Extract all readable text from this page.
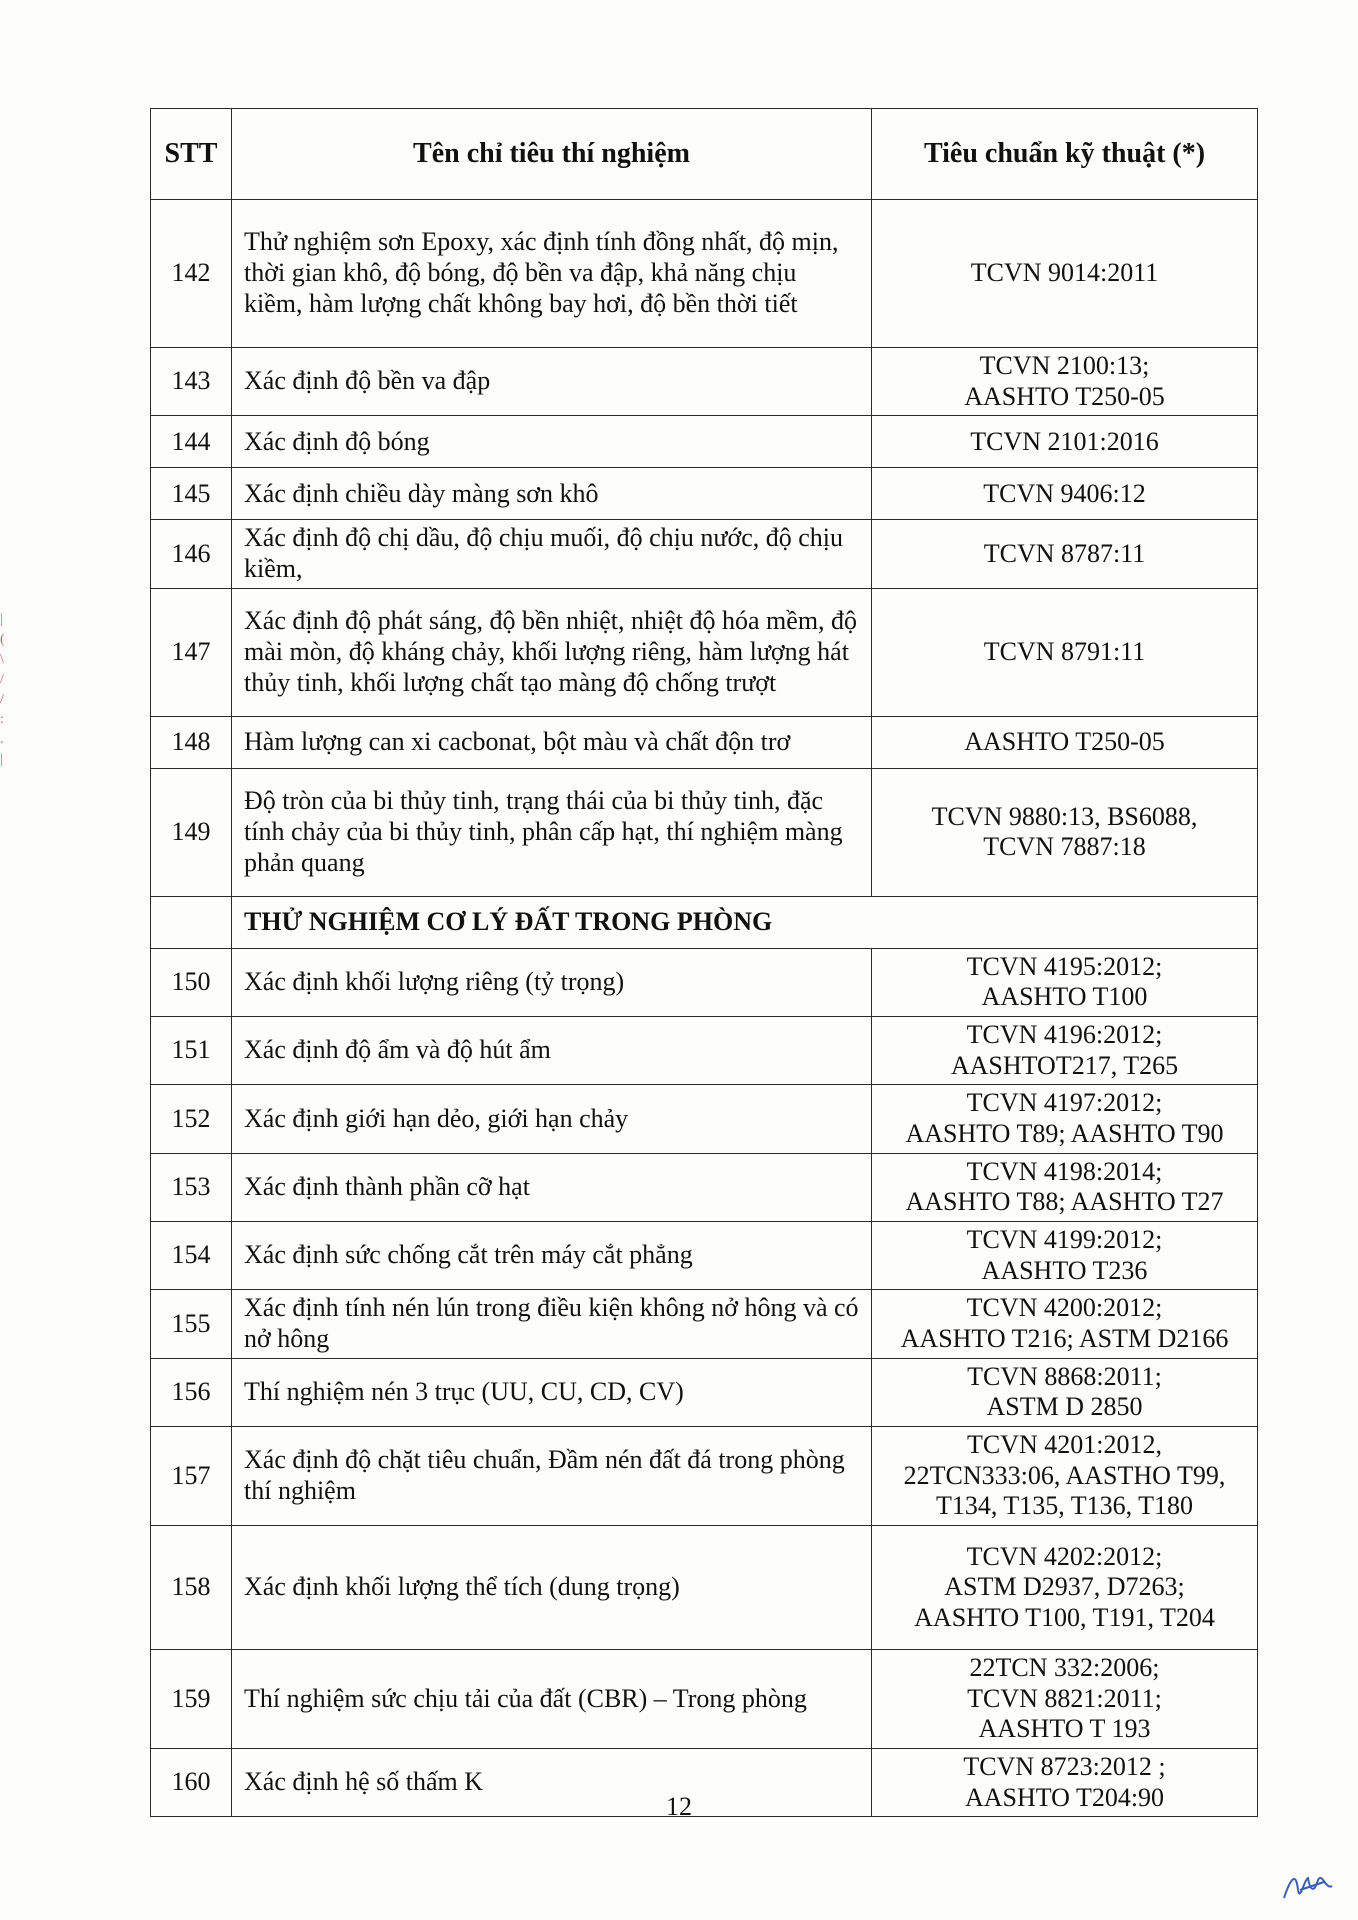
STT	Tên chỉ tiêu thí nghiệm	Tiêu chuẩn kỹ thuật (*)
142	Thử nghiệm sơn Epoxy, xác định tính đồng nhất, độ mịn, thời gian khô, độ bóng, độ bền va đập, khả năng chịu kiềm, hàm lượng chất không bay hơi, độ bền thời tiết	TCVN 9014:2011
143	Xác định độ bền va đập	TCVN 2100:13;
AASHTO T250-05
144	Xác định độ bóng	TCVN 2101:2016
145	Xác định chiều dày màng sơn khô	TCVN 9406:12
146	Xác định độ chị dầu, độ chịu muối, độ chịu nước, độ chịu kiềm,	TCVN 8787:11
147	Xác định độ phát sáng, độ bền nhiệt, nhiệt độ hóa mềm, độ mài mòn, độ kháng chảy, khối lượng riêng, hàm lượng hát thủy tinh, khối lượng chất tạo màng độ chống trượt	TCVN 8791:11
148	Hàm lượng can xi cacbonat, bột màu và chất độn trơ	AASHTO T250-05
149	Độ tròn của bi thủy tinh, trạng thái của bi thủy tinh, đặc tính chảy của bi thủy tinh, phân cấp hạt, thí nghiệm màng phản quang	TCVN 9880:13, BS6088,
TCVN 7887:18
	THỬ NGHIỆM CƠ LÝ ĐẤT TRONG PHÒNG	
150	Xác định khối lượng riêng (tỷ trọng)	TCVN 4195:2012;
AASHTO T100
151	Xác định độ ẩm và độ hút ẩm	TCVN 4196:2012;
AASHTOT217, T265
152	Xác định giới hạn dẻo, giới hạn chảy	TCVN 4197:2012;
AASHTO T89; AASHTO T90
153	Xác định thành phần cỡ hạt	TCVN 4198:2014;
AASHTO T88; AASHTO T27
154	Xác định sức chống cắt trên máy cắt phẳng	TCVN 4199:2012;
AASHTO T236
155	Xác định tính nén lún trong điều kiện không nở hông và có nở hông	TCVN 4200:2012;
AASHTO T216; ASTM D2166
156	Thí nghiệm nén 3 trục (UU, CU, CD, CV)	TCVN 8868:2011;
ASTM D 2850
157	Xác định độ chặt tiêu chuẩn, Đầm nén đất đá trong phòng thí nghiệm	TCVN 4201:2012,
22TCN333:06, AASTHO T99,
T134, T135, T136, T180
158	Xác định khối lượng thể tích (dung trọng)	TCVN 4202:2012;
ASTM D2937, D7263;
AASHTO T100, T191, T204
159	Thí nghiệm sức chịu tải của đất (CBR) – Trong phòng	22TCN 332:2006;
TCVN 8821:2011;
AASHTO T 193
160	Xác định hệ số thấm K	TCVN 8723:2012 ;
AASHTO T204:90
12
|
(
\
/
/
:
.
|
